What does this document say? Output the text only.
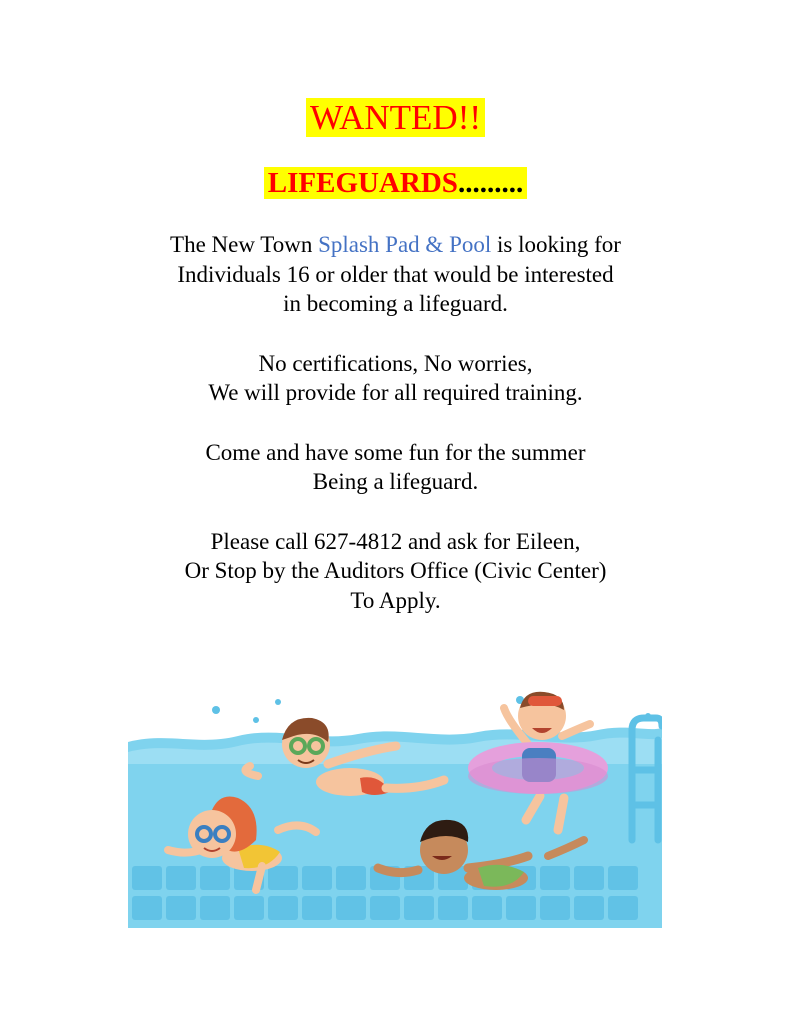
WANTED!!
LIFEGUARDS.........
The New Town Splash Pad & Pool is looking for
Individuals 16 or older that would be interested
in becoming a lifeguard.
No certifications, No worries,
We will provide for all required training.
Come and have some fun for the summer
Being a lifeguard.
Please call 627-4812 and ask for Eileen,
Or Stop by the Auditors Office (Civic Center)
To Apply.
